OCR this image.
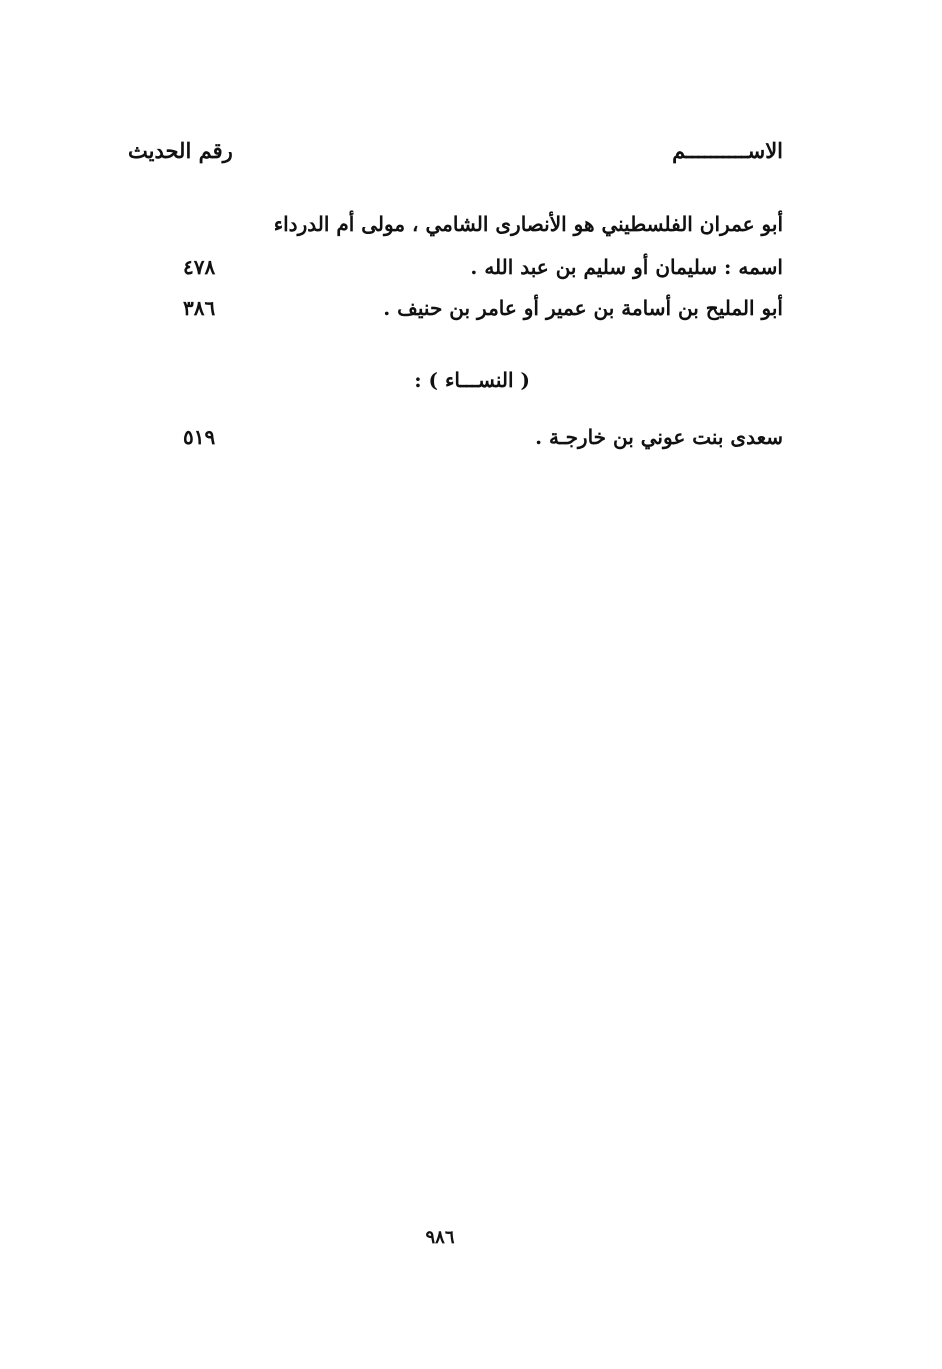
الاســــــــــم
رقم الحديث
أبو عمران الفلسطيني هو الأنصارى الشامي ، مولى أم الدرداء
اسمه : سليمان أو سليم بن عبد الله .
٤٧٨
أبو المليح بن أسامة بن عمير أو عامر بن حنيف .
٣٨٦
( النســـاء ) :
سعدى بنت عوني بن خارجـة .
٥١٩
٩٨٦
